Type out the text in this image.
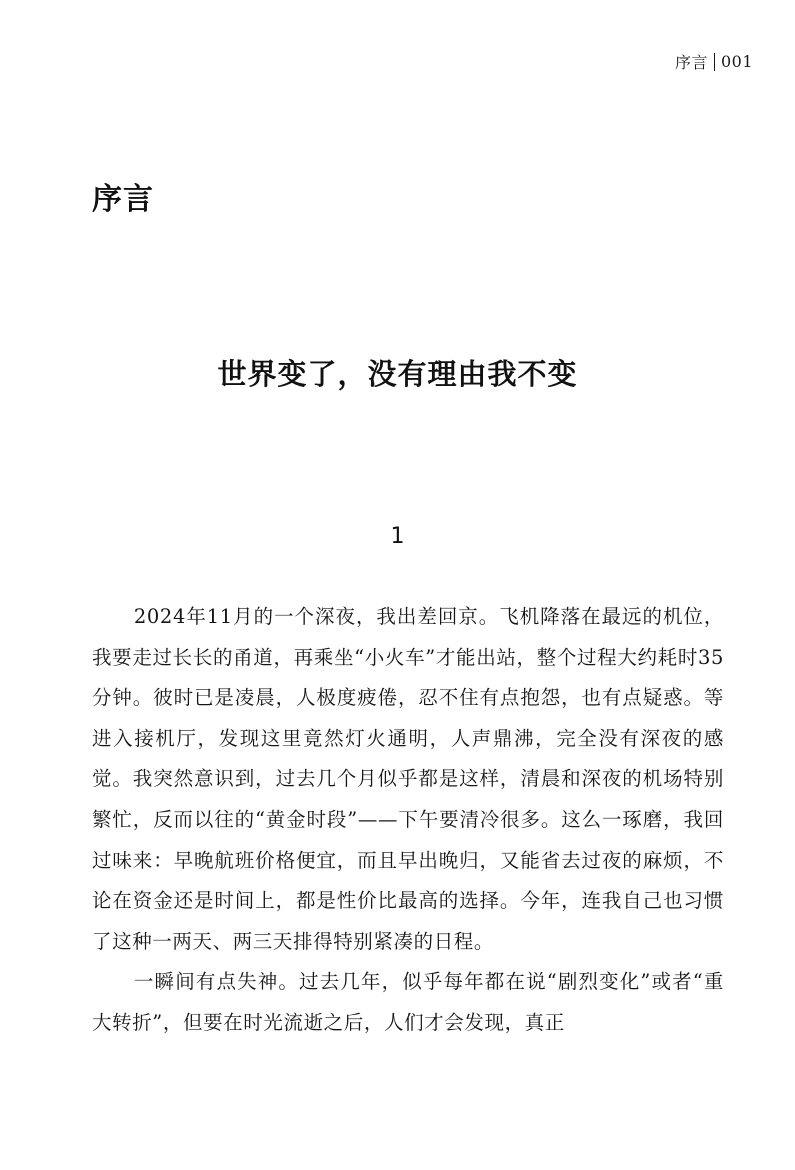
序言 001
序言
世界变了，没有理由我不变
1

2024年11月的一个深夜，我出差回京。飞机降落在最远的机位，我要走过长长的甬道，再乘坐“小火车”才能出站，整个过程大约耗时35分钟。彼时已是凌晨，人极度疲倦，忍不住有点抱怨，也有点疑惑。等进入接机厅，发现这里竟然灯火通明，人声鼎沸，完全没有深夜的感觉。我突然意识到，过去几个月似乎都是这样，清晨和深夜的机场特别繁忙，反而以往的“黄金时段”——下午要清冷很多。这么一琢磨，我回过味来：早晚航班价格便宜，而且早出晚归，又能省去过夜的麻烦，不论在资金还是时间上，都是性价比最高的选择。今年，连我自己也习惯了这种一两天、两三天排得特别紧凑的日程。

一瞬间有点失神。过去几年，似乎每年都在说“剧烈变化”或者“重大转折”，但要在时光流逝之后，人们才会发现，真正
